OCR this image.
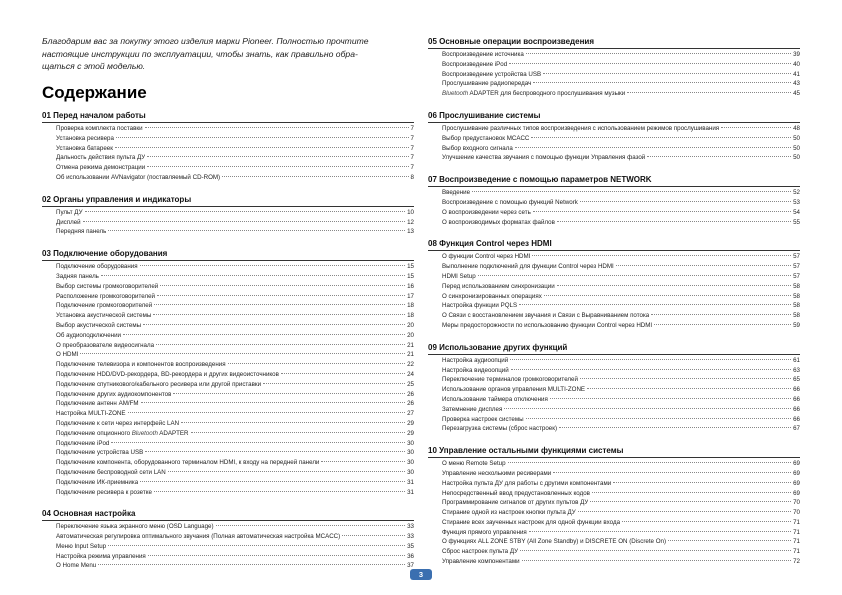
Благодарим вас за покупку этого изделия марки Pioneer. Полностью прочтите
настоящие инструкции по эксплуатации, чтобы знать, как правильно обра-
щаться с этой моделью.
Содержание
01 Перед началом работы
Проверка комплекта поставки	7
Установка ресивера	7
Установка батареек	7
Дальность действия пульта ДУ	7
Отмена режима демонстрации	7
Об использовании AVNavigator (поставляемый CD-ROM)	8
02 Органы управления и индикаторы
Пульт ДУ	10
Дисплей	12
Передняя панель	13
03 Подключение оборудования
Подключение оборудования	15
Задняя панель	15
Выбор системы громкоговорителей	16
Расположение громкоговорителей	17
Подключение громкоговорителей	18
Установка акустической системы	18
Выбор акустической системы	20
Об аудиоподключении	20
О преобразователе видеосигнала	21
О HDMI	21
Подключение телевизора и компонентов воспроизведения	22
Подключение HDD/DVD-рекордера, BD-рекордера и других видеоисточников	24
Подключение спутникового/кабельного ресивера или другой приставки	25
Подключение других аудиокомпонентов	26
Подключение антенн AM/FM	26
Настройка MULTI-ZONE	27
Подключение к сети через интерфейс LAN	29
Подключение опционного Bluetooth ADAPTER	29
Подключение iPod	30
Подключение устройства USB	30
Подключение компонента, оборудованного терминалом HDMI, к входу на передней панели	30
Подключение беспроводной сети LAN	30
Подключение ИК-приемника	31
Подключение ресивера к розетке	31
04 Основная настройка
Переключение языка экранного меню (OSD Language)	33
Автоматическая регулировка оптимального звучания (Полная автоматическая настройка MCACC)	33
Меню Input Setup	35
Настройка режима управления	36
О Home Menu	37
05 Основные операции воспроизведения
Воспроизведение источника	39
Воспроизведение iPod	40
Воспроизведение устройства USB	41
Прослушивание радиопередач	43
Bluetooth ADAPTER для беспроводного прослушивания музыки	45
06 Прослушивание системы
Прослушивание различных типов воспроизведения с использованием режимов прослушивания	48
Выбор предустановок MCACC	50
Выбор входного сигнала	50
Улучшение качества звучания с помощью функции Управления фазой	50
07 Воспроизведение с помощью параметров NETWORK
Введение	52
Воспроизведение с помощью функций Network	53
О воспроизведении через сеть	54
О воспроизводимых форматах файлов	55
08 Функция Control через HDMI
О функции Control через HDMI	57
Выполнение подключений для функции Control через HDMI	57
HDMI Setup	57
Перед использованием синхронизации	58
О синхронизированных операциях	58
Настройка функции PQLS	58
О Связи с восстановлением звучания и Связи с Выравниванием потока	58
Меры предосторожности по использованию функции Control через HDMI	59
09 Использование других функций
Настройка аудиоопций	61
Настройка видеоопций	63
Переключение терминалов громкоговорителей	65
Использование органов управления MULTI-ZONE	66
Использование таймера отключения	66
Затемнение дисплея	66
Проверка настроек системы	66
Перезагрузка системы (сброс настроек)	67
10 Управление остальными функциями системы
О меню Remote Setup	69
Управление несколькими ресиверами	69
Настройка пульта ДУ для работы с другими компонентами	69
Непосредственный ввод предустановленных кодов	69
Программирование сигналов от других пультов ДУ	70
Стирание одной из настроек кнопки пульта ДУ	70
Стирание всех заученных настроек для одной функции входа	71
Функция прямого управления	71
О функциях ALL ZONE STBY (All Zone Standby) и DISCRETE ON (Discrete On)	71
Сброс настроек пульта ДУ	71
Управление компонентами	72
3
